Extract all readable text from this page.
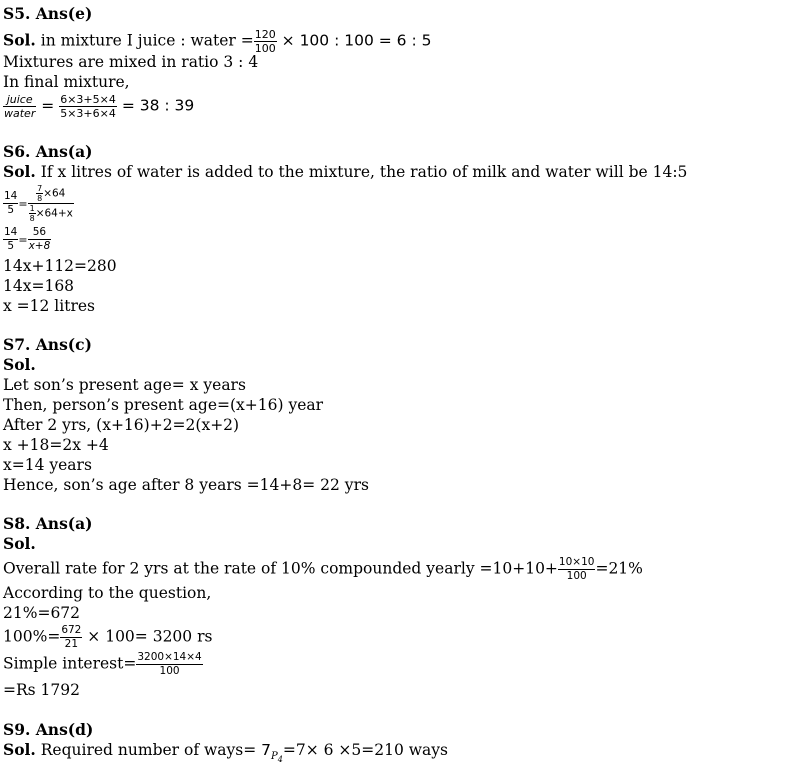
S5. Ans(e)
Sol. in mixture I juice : water = $\frac{120}{100} \times 100$ : 100 = 6 : 5
Mixtures are mixed in ratio 3 : 4
In final mixture,
$\frac{\text{juice}}{\text{water}} = \frac{6\times 3+5\times 4}{5\times 3+6\times 4} = 38$ : 39
S6. Ans(a)
Sol. If x litres of water is added to the mixture, the ratio of milk and water will be 14:5
$\frac{14}{5} = \frac{\frac{7}{8} \times 64}{\frac{1}{8} \times 64+x}$
$\frac{14}{5} = \frac{56}{x+8}$
14x+112=280
14x=168
x =12 litres
S7. Ans(c)
Sol.
Let son’s present age= x years
Then, person’s present age=(x+16) year
After 2 yrs, (x+16)+2=2(x+2)
x +18=2x +4
x=14 years
Hence, son’s age after 8 years =14+8= 22 yrs
S8. Ans(a)
Sol.
Overall rate for 2 yrs at the rate of 10% compounded yearly $=10+10+ \frac{10\times 10}{100} =21\%$
According to the question,
21%=672
$100\%= \frac{672}{21} \times 100= 3200$ rs
Simple interest= $\frac{3200\times 14\times 4}{100}$
=Rs 1792
S9. Ans(d)
Sol. Required number of ways= $7_{P_4}=7\times 6 \times 5=210$ ways
